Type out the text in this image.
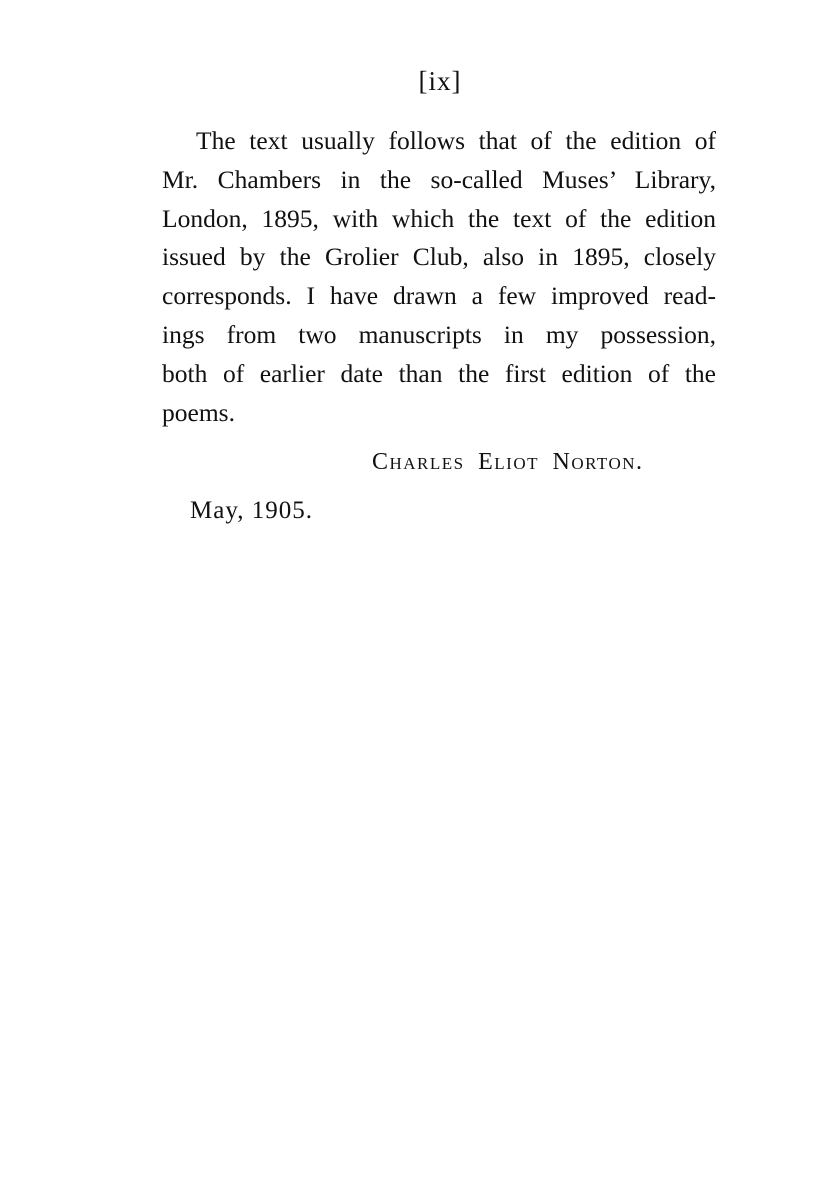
[ix]
The text usually follows that of the edition of
Mr. Chambers in the so-called Muses’ Library,
London, 1895, with which the text of the edition
issued by the Grolier Club, also in 1895, closely
corresponds. I have drawn a few improved read-
ings from two manuscripts in my possession,
both of earlier date than the first edition of the
poems.
Charles Eliot Norton.
May, 1905.
